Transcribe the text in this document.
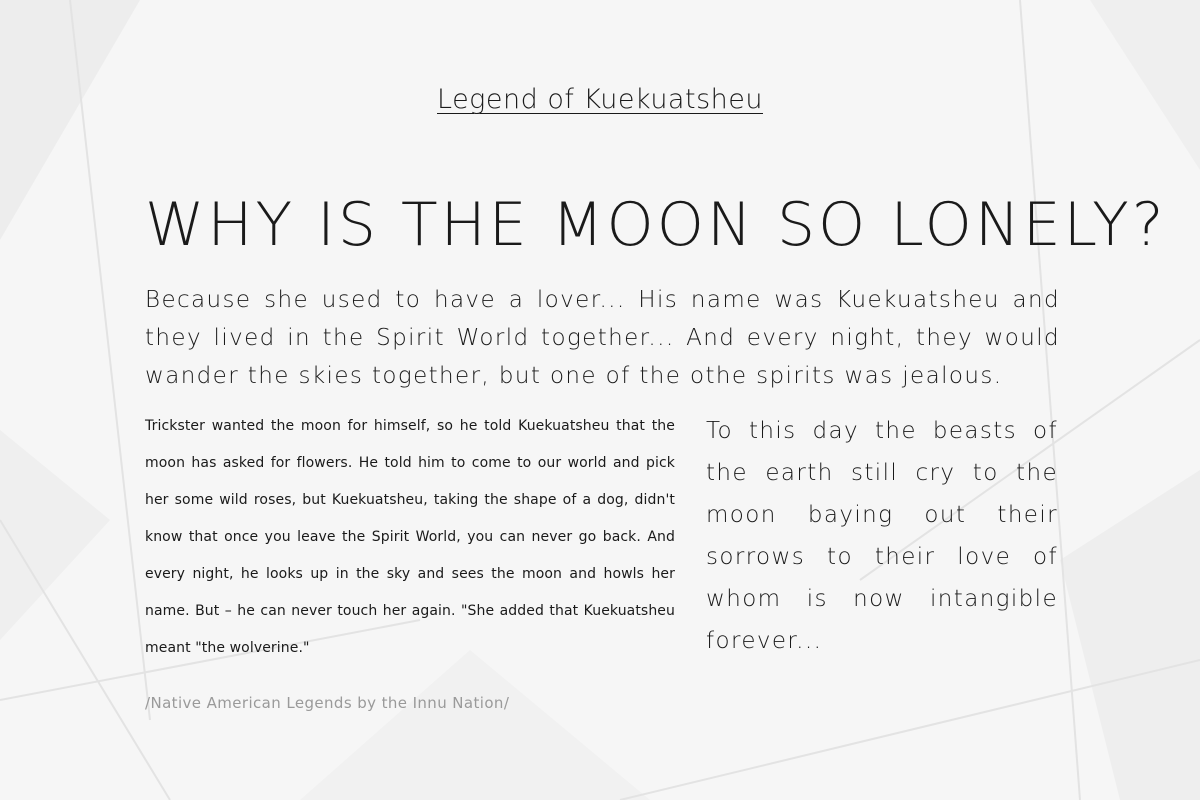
Legend of Kuekuatsheu
WHY IS THE MOON SO LONELY?

Because she used to have a lover... His name was Kuekuatsheu and they lived in the Spirit World together... And every night, they would wander the skies together, but one of the othe spirits was jealous.

Trickster wanted the moon for himself, so he told Kuekuatsheu that the moon has asked for flowers. He told him to come to our world and pick her some wild roses, but Kuekuatsheu, taking the shape of a dog, didn't know that once you leave the Spirit World, you can never go back. And every night, he looks up in the sky and sees the moon and howls her name. But – he can never touch her again. "She added that Kuekuatsheu meant "the wolverine."

To this day the beasts of the earth still cry to the moon baying out their sorrows to their love of whom is now intangible forever...

/Native American Legends by the Innu Nation/
